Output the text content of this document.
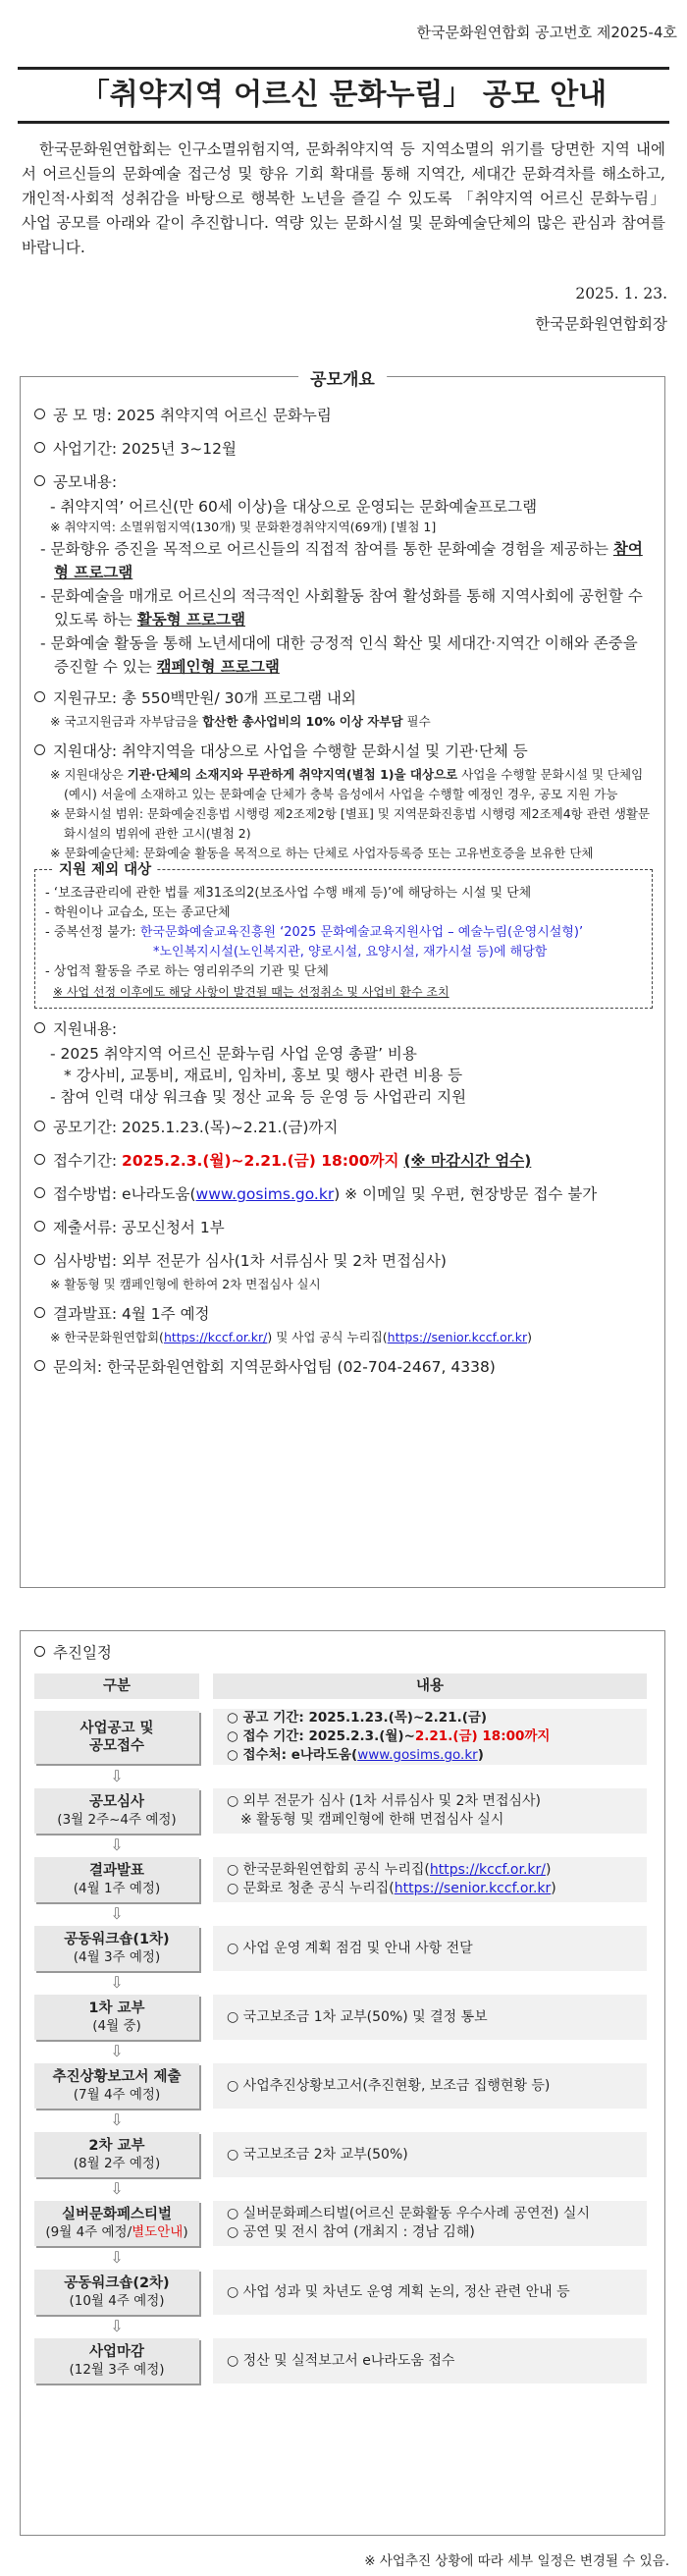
한국문화원연합회 공고번호 제2025-4호
「취약지역 어르신 문화누림」 공모 안내
한국문화원연합회는 인구소멸위험지역, 문화취약지역 등 지역소멸의 위기를 당면한 지역 내에서 어르신들의 문화예술 접근성 및 향유 기회 확대를 통해 지역간, 세대간 문화격차를 해소하고, 개인적·사회적 성취감을 바탕으로 행복한 노년을 즐길 수 있도록 「취약지역 어르신 문화누림」 사업 공모를 아래와 같이 추진합니다. 역량 있는 문화시설 및 문화예술단체의 많은 관심과 참여를 바랍니다.
2025. 1. 23.
한국문화원연합회장
공모개요
공 모 명: 2025 취약지역 어르신 문화누림
사업기간: 2025년 3~12월
공모내용:
- 취약지역’ 어르신(만 60세 이상)을 대상으로 운영되는 문화예술프로그램
※ 취약지역: 소멸위험지역(130개) 및 문화환경취약지역(69개) [별첨 1]
- 문화향유 증진을 목적으로 어르신들의 직접적 참여를 통한 문화예술 경험을 제공하는 참여형 프로그램
- 문화예술을 매개로 어르신의 적극적인 사회활동 참여 활성화를 통해 지역사회에 공헌할 수 있도록 하는 활동형 프로그램
- 문화예술 활동을 통해 노년세대에 대한 긍정적 인식 확산 및 세대간·지역간 이해와 존중을 증진할 수 있는 캠페인형 프로그램
지원규모: 총 550백만원/ 30개 프로그램 내외
※ 국고지원금과 자부담금을 합산한 총사업비의 10% 이상 자부담 필수
지원대상: 취약지역을 대상으로 사업을 수행할 문화시설 및 기관·단체 등
※ 지원대상은 기관·단체의 소재지와 무관하게 취약지역(별첨 1)을 대상으로 사업을 수행할 문화시설 및 단체임 (예시) 서울에 소재하고 있는 문화예술 단체가 충북 음성에서 사업을 수행할 예정인 경우, 공모 지원 가능
※ 문화시설 범위: 문화예술진흥법 시행령 제2조제2항 [별표] 및 지역문화진흥법 시행령 제2조제4항 관련 생활문화시설의 범위에 관한 고시(별첨 2)
※ 문화예술단체: 문화예술 활동을 목적으로 하는 단체로 사업자등록증 또는 고유번호증을 보유한 단체
지원 제외 대상
- ‘보조금관리에 관한 법률 제31조의2(보조사업 수행 배제 등)’에 해당하는 시설 및 단체
- 학원이나 교습소, 또는 종교단체
- 중복선정 불가: 한국문화예술교육진흥원 ‘2025 문화예술교육지원사업 – 예술누림(운영시설형)’
*노인복지시설(노인복지관, 양로시설, 요양시설, 재가시설 등)에 해당함
- 상업적 활동을 주로 하는 영리위주의 기관 및 단체
※ 사업 선정 이후에도 해당 사항이 발견될 때는 선정취소 및 사업비 환수 조치
지원내용:
- 2025 취약지역 어르신 문화누림 사업 운영 총괄’ 비용
* 강사비, 교통비, 재료비, 임차비, 홍보 및 행사 관련 비용 등
- 참여 인력 대상 워크숍 및 정산 교육 등 운영 등 사업관리 지원
공모기간: 2025.1.23.(목)~2.21.(금)까지
접수기간: 2025.2.3.(월)~2.21.(금) 18:00까지 (※ 마감시간 엄수)
접수방법: e나라도움(www.gosims.go.kr) ※ 이메일 및 우편, 현장방문 접수 불가
제출서류: 공모신청서 1부
심사방법: 외부 전문가 심사(1차 서류심사 및 2차 면접심사)
※ 활동형 및 캠페인형에 한하여 2차 면접심사 실시
결과발표: 4월 1주 예정
※ 한국문화원연합회(https://kccf.or.kr/) 및 사업 공식 누리집(https://senior.kccf.or.kr)
문의처: 한국문화원연합회 지역문화사업팀 (02-704-2467, 4338)
추진일정
구분	내용
사업공고 및
공모접수
○ 공고 기간: 2025.1.23.(목)~2.21.(금)
○ 접수 기간: 2025.2.3.(월)~2.21.(금) 18:00까지
○ 접수처: e나라도움(www.gosims.go.kr)
⇩
공모심사
(3월 2주~4주 예정)
○ 외부 전문가 심사 (1차 서류심사 및 2차 면접심사)
※ 활동형 및 캠페인형에 한해 면접심사 실시
⇩
결과발표
(4월 1주 예정)
○ 한국문화원연합회 공식 누리집(https://kccf.or.kr/)
○ 문화로 청춘 공식 누리집(https://senior.kccf.or.kr)
⇩
공동워크숍(1차)
(4월 3주 예정)
○ 사업 운영 계획 점검 및 안내 사항 전달
⇩
1차 교부
(4월 중)
○ 국고보조금 1차 교부(50%) 및 결정 통보
⇩
추진상황보고서 제출
(7월 4주 예정)
○ 사업추진상황보고서(추진현황, 보조금 집행현황 등)
⇩
2차 교부
(8월 2주 예정)
○ 국고보조금 2차 교부(50%)
⇩
실버문화페스티벌
(9월 4주 예정/별도안내)
○ 실버문화페스티벌(어르신 문화활동 우수사례 공연전) 실시
○ 공연 및 전시 참여 (개최지 : 경남 김해)
⇩
공동워크숍(2차)
(10월 4주 예정)
○ 사업 성과 및 차년도 운영 계획 논의, 정산 관련 안내 등
⇩
사업마감
(12월 3주 예정)
○ 정산 및 실적보고서 e나라도움 접수
※ 사업추진 상황에 따라 세부 일정은 변경될 수 있음.
